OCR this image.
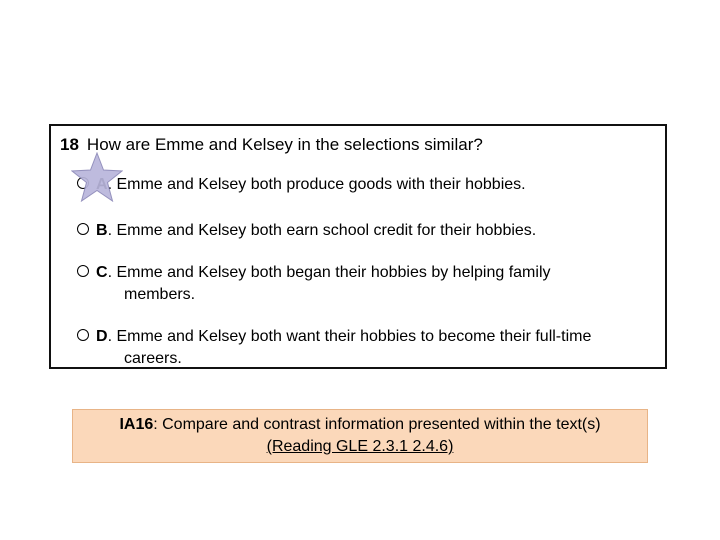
18 How are Emme and Kelsey in the selections similar?
. Emme and Kelsey both produce goods with their hobbies.
B. Emme and Kelsey both earn school credit for their hobbies.
C. Emme and Kelsey both began their hobbies by helping family
members.
D. Emme and Kelsey both want their hobbies to become their full-time
careers.
IA16: Compare and contrast information presented within the text(s)
(Reading GLE 2.3.1 2.4.6)
